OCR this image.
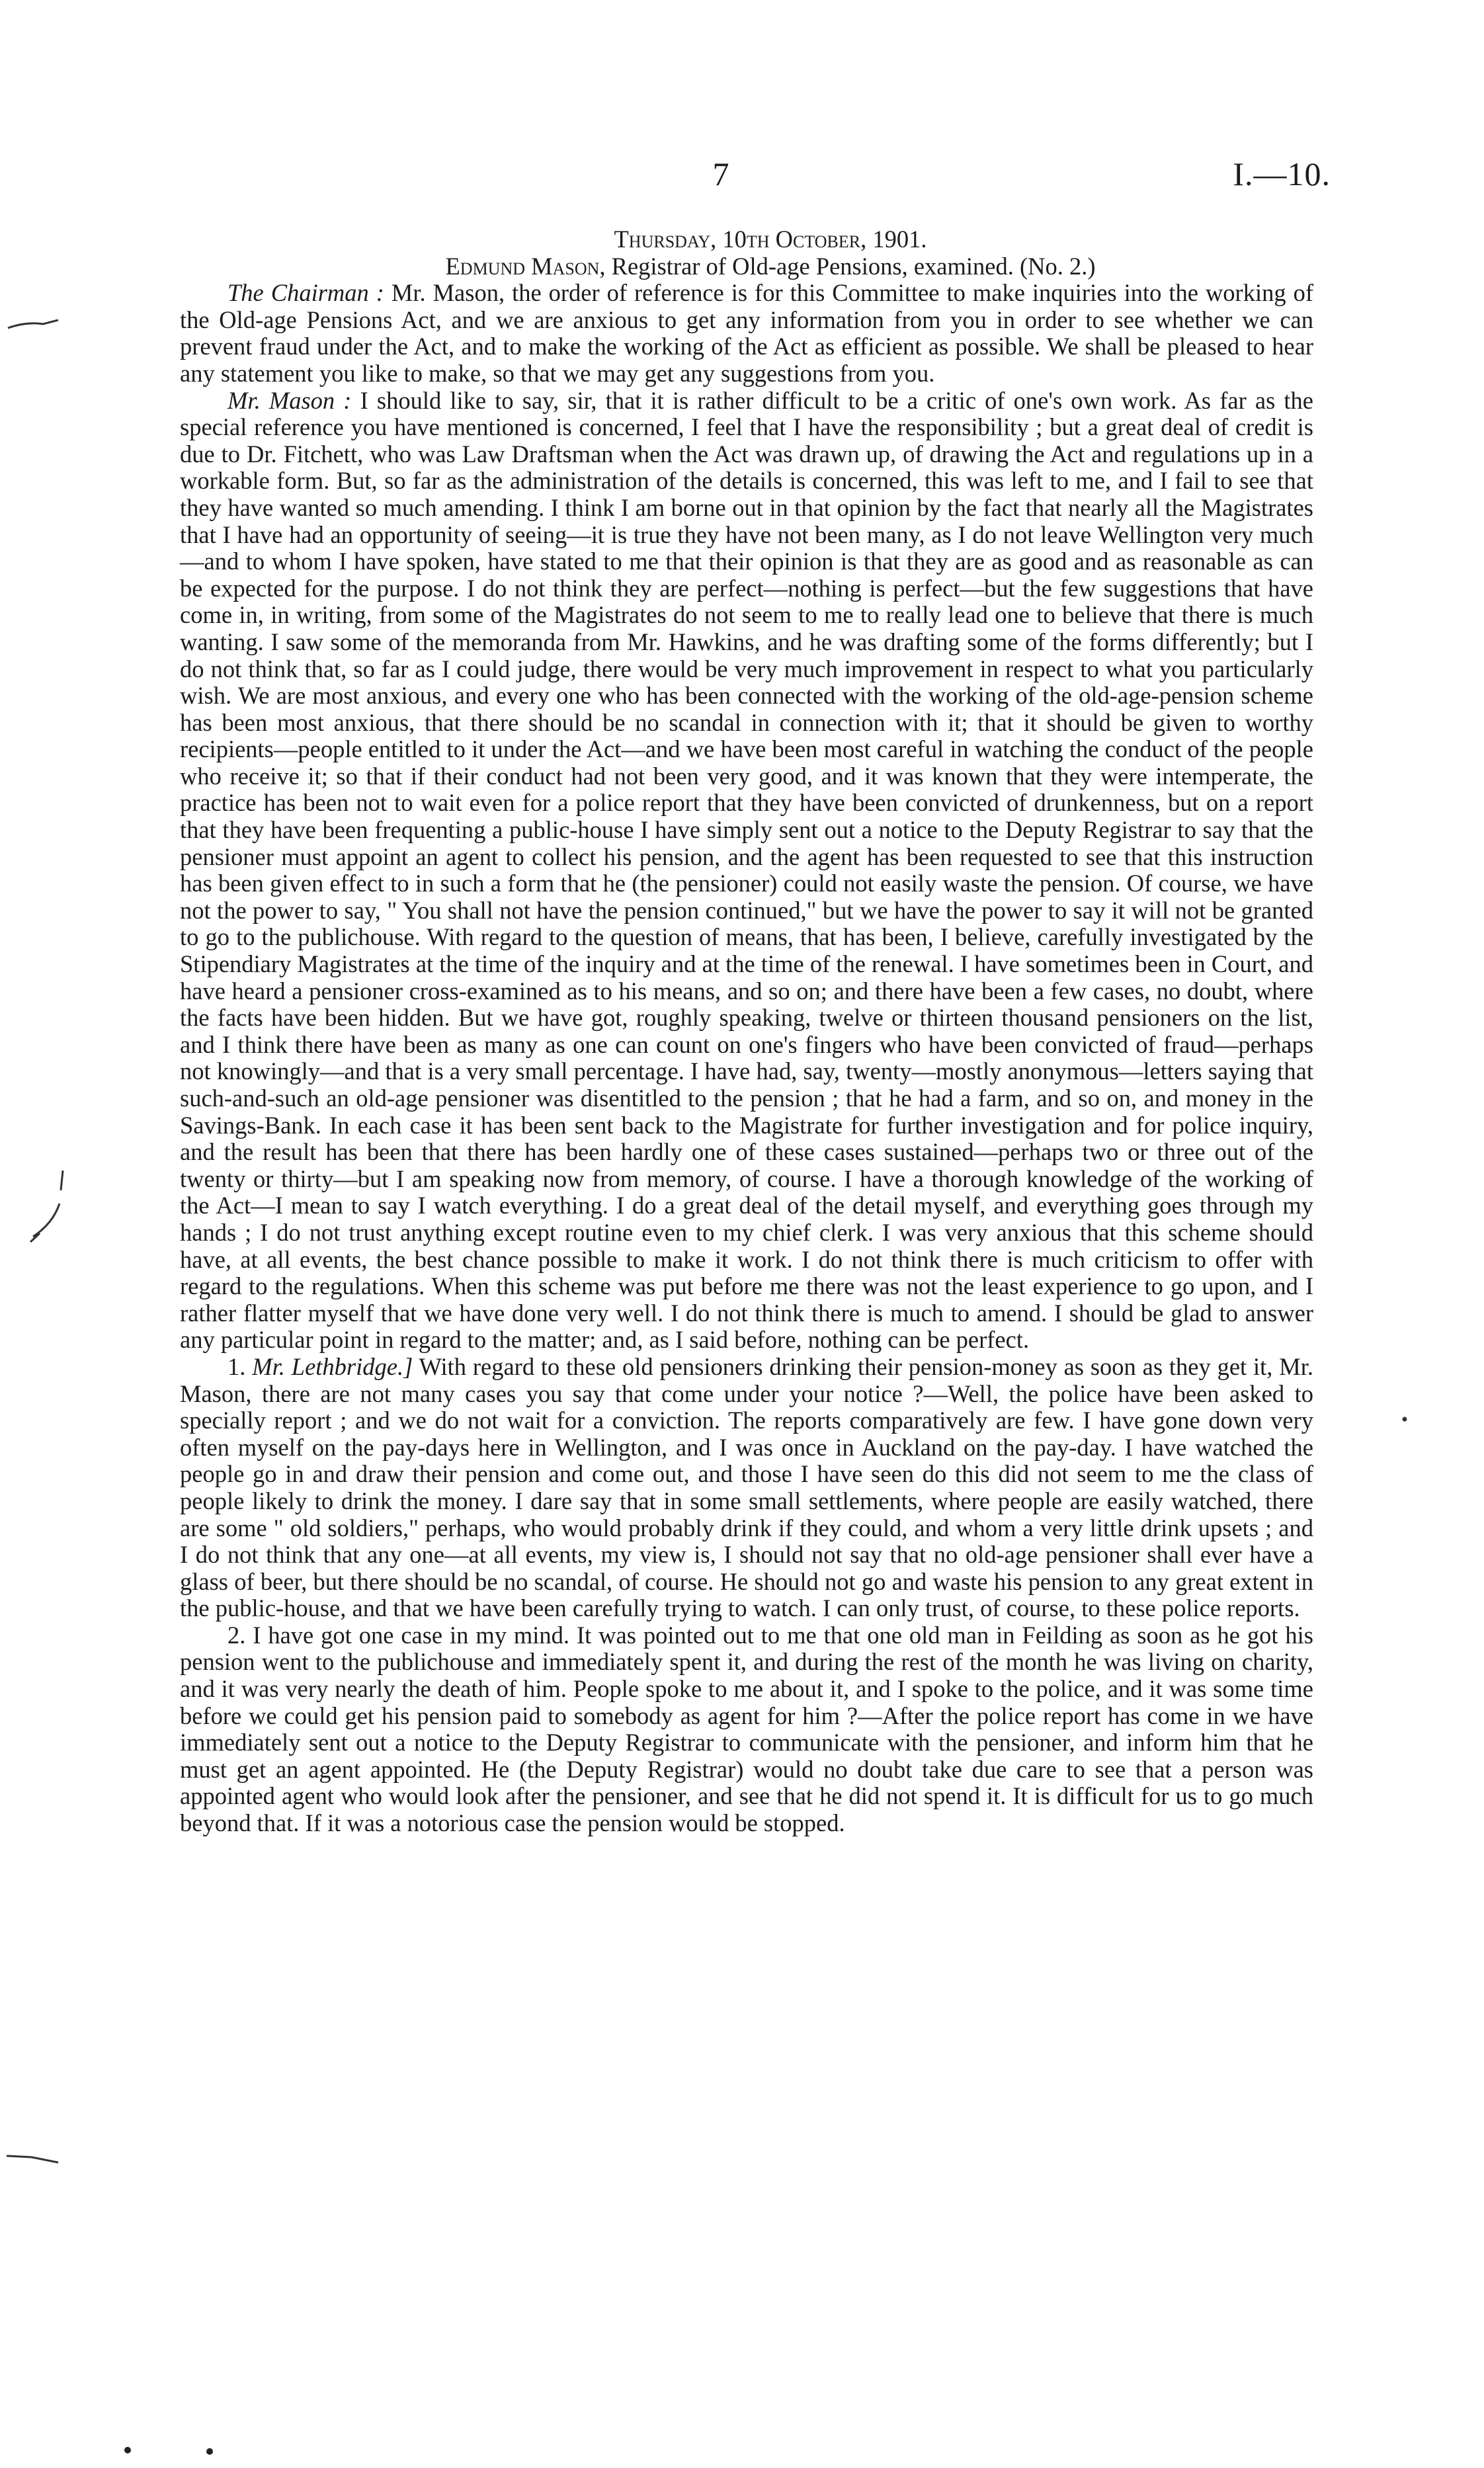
7	I.—10.

Thursday, 10th October, 1901.

Edmund Mason, Registrar of Old-age Pensions, examined. (No. 2.)

The Chairman : Mr. Mason, the order of reference is for this Committee to make inquiries into the working of the Old-age Pensions Act, and we are anxious to get any information from you in order to see whether we can prevent fraud under the Act, and to make the working of the Act as efficient as possible. We shall be pleased to hear any statement you like to make, so that we may get any suggestions from you.

Mr. Mason : I should like to say, sir, that it is rather difficult to be a critic of one's own work. As far as the special reference you have mentioned is concerned, I feel that I have the responsibility ; but a great deal of credit is due to Dr. Fitchett, who was Law Draftsman when the Act was drawn up, of drawing the Act and regulations up in a workable form. But, so far as the administration of the details is concerned, this was left to me, and I fail to see that they have wanted so much amending. I think I am borne out in that opinion by the fact that nearly all the Magistrates that I have had an opportunity of seeing—it is true they have not been many, as I do not leave Wellington very much—and to whom I have spoken, have stated to me that their opinion is that they are as good and as reasonable as can be expected for the purpose. I do not think they are perfect—nothing is perfect—but the few suggestions that have come in, in writing, from some of the Magistrates do not seem to me to really lead one to believe that there is much wanting. I saw some of the memoranda from Mr. Hawkins, and he was drafting some of the forms differently; but I do not think that, so far as I could judge, there would be very much improvement in respect to what you particularly wish. We are most anxious, and every one who has been connected with the working of the old-age-pension scheme has been most anxious, that there should be no scandal in connection with it; that it should be given to worthy recipients—people entitled to it under the Act—and we have been most careful in watching the conduct of the people who receive it; so that if their conduct had not been very good, and it was known that they were intemperate, the practice has been not to wait even for a police report that they have been convicted of drunkenness, but on a report that they have been frequenting a public-house I have simply sent out a notice to the Deputy Registrar to say that the pensioner must appoint an agent to collect his pension, and the agent has been requested to see that this instruction has been given effect to in such a form that he (the pensioner) could not easily waste the pension. Of course, we have not the power to say, " You shall not have the pension continued," but we have the power to say it will not be granted to go to the publichouse. With regard to the question of means, that has been, I believe, carefully investigated by the Stipendiary Magistrates at the time of the inquiry and at the time of the renewal. I have sometimes been in Court, and have heard a pensioner cross-examined as to his means, and so on; and there have been a few cases, no doubt, where the facts have been hidden. But we have got, roughly speaking, twelve or thirteen thousand pensioners on the list, and I think there have been as many as one can count on one's fingers who have been convicted of fraud—perhaps not knowingly—and that is a very small percentage. I have had, say, twenty—mostly anonymous—letters saying that such-and-such an old-age pensioner was disentitled to the pension ; that he had a farm, and so on, and money in the Savings-Bank. In each case it has been sent back to the Magistrate for further investigation and for police inquiry, and the result has been that there has been hardly one of these cases sustained—perhaps two or three out of the twenty or thirty—but I am speaking now from memory, of course. I have a thorough knowledge of the working of the Act—I mean to say I watch everything. I do a great deal of the detail myself, and everything goes through my hands ; I do not trust anything except routine even to my chief clerk. I was very anxious that this scheme should have, at all events, the best chance possible to make it work. I do not think there is much criticism to offer with regard to the regulations. When this scheme was put before me there was not the least experience to go upon, and I rather flatter myself that we have done very well. I do not think there is much to amend. I should be glad to answer any particular point in regard to the matter; and, as I said before, nothing can be perfect.

1. Mr. Lethbridge.] With regard to these old pensioners drinking their pension-money as soon as they get it, Mr. Mason, there are not many cases you say that come under your notice ?—Well, the police have been asked to specially report ; and we do not wait for a conviction. The reports comparatively are few. I have gone down very often myself on the pay-days here in Wellington, and I was once in Auckland on the pay-day. I have watched the people go in and draw their pension and come out, and those I have seen do this did not seem to me the class of people likely to drink the money. I dare say that in some small settlements, where people are easily watched, there are some " old soldiers," perhaps, who would probably drink if they could, and whom a very little drink upsets ; and I do not think that any one—at all events, my view is, I should not say that no old-age pensioner shall ever have a glass of beer, but there should be no scandal, of course. He should not go and waste his pension to any great extent in the public-house, and that we have been carefully trying to watch. I can only trust, of course, to these police reports.

2. I have got one case in my mind. It was pointed out to me that one old man in Feilding as soon as he got his pension went to the publichouse and immediately spent it, and during the rest of the month he was living on charity, and it was very nearly the death of him. People spoke to me about it, and I spoke to the police, and it was some time before we could get his pension paid to somebody as agent for him ?—After the police report has come in we have immediately sent out a notice to the Deputy Registrar to communicate with the pensioner, and inform him that he must get an agent appointed. He (the Deputy Registrar) would no doubt take due care to see that a person was appointed agent who would look after the pensioner, and see that he did not spend it. It is difficult for us to go much beyond that. If it was a notorious case the pension would be stopped.
